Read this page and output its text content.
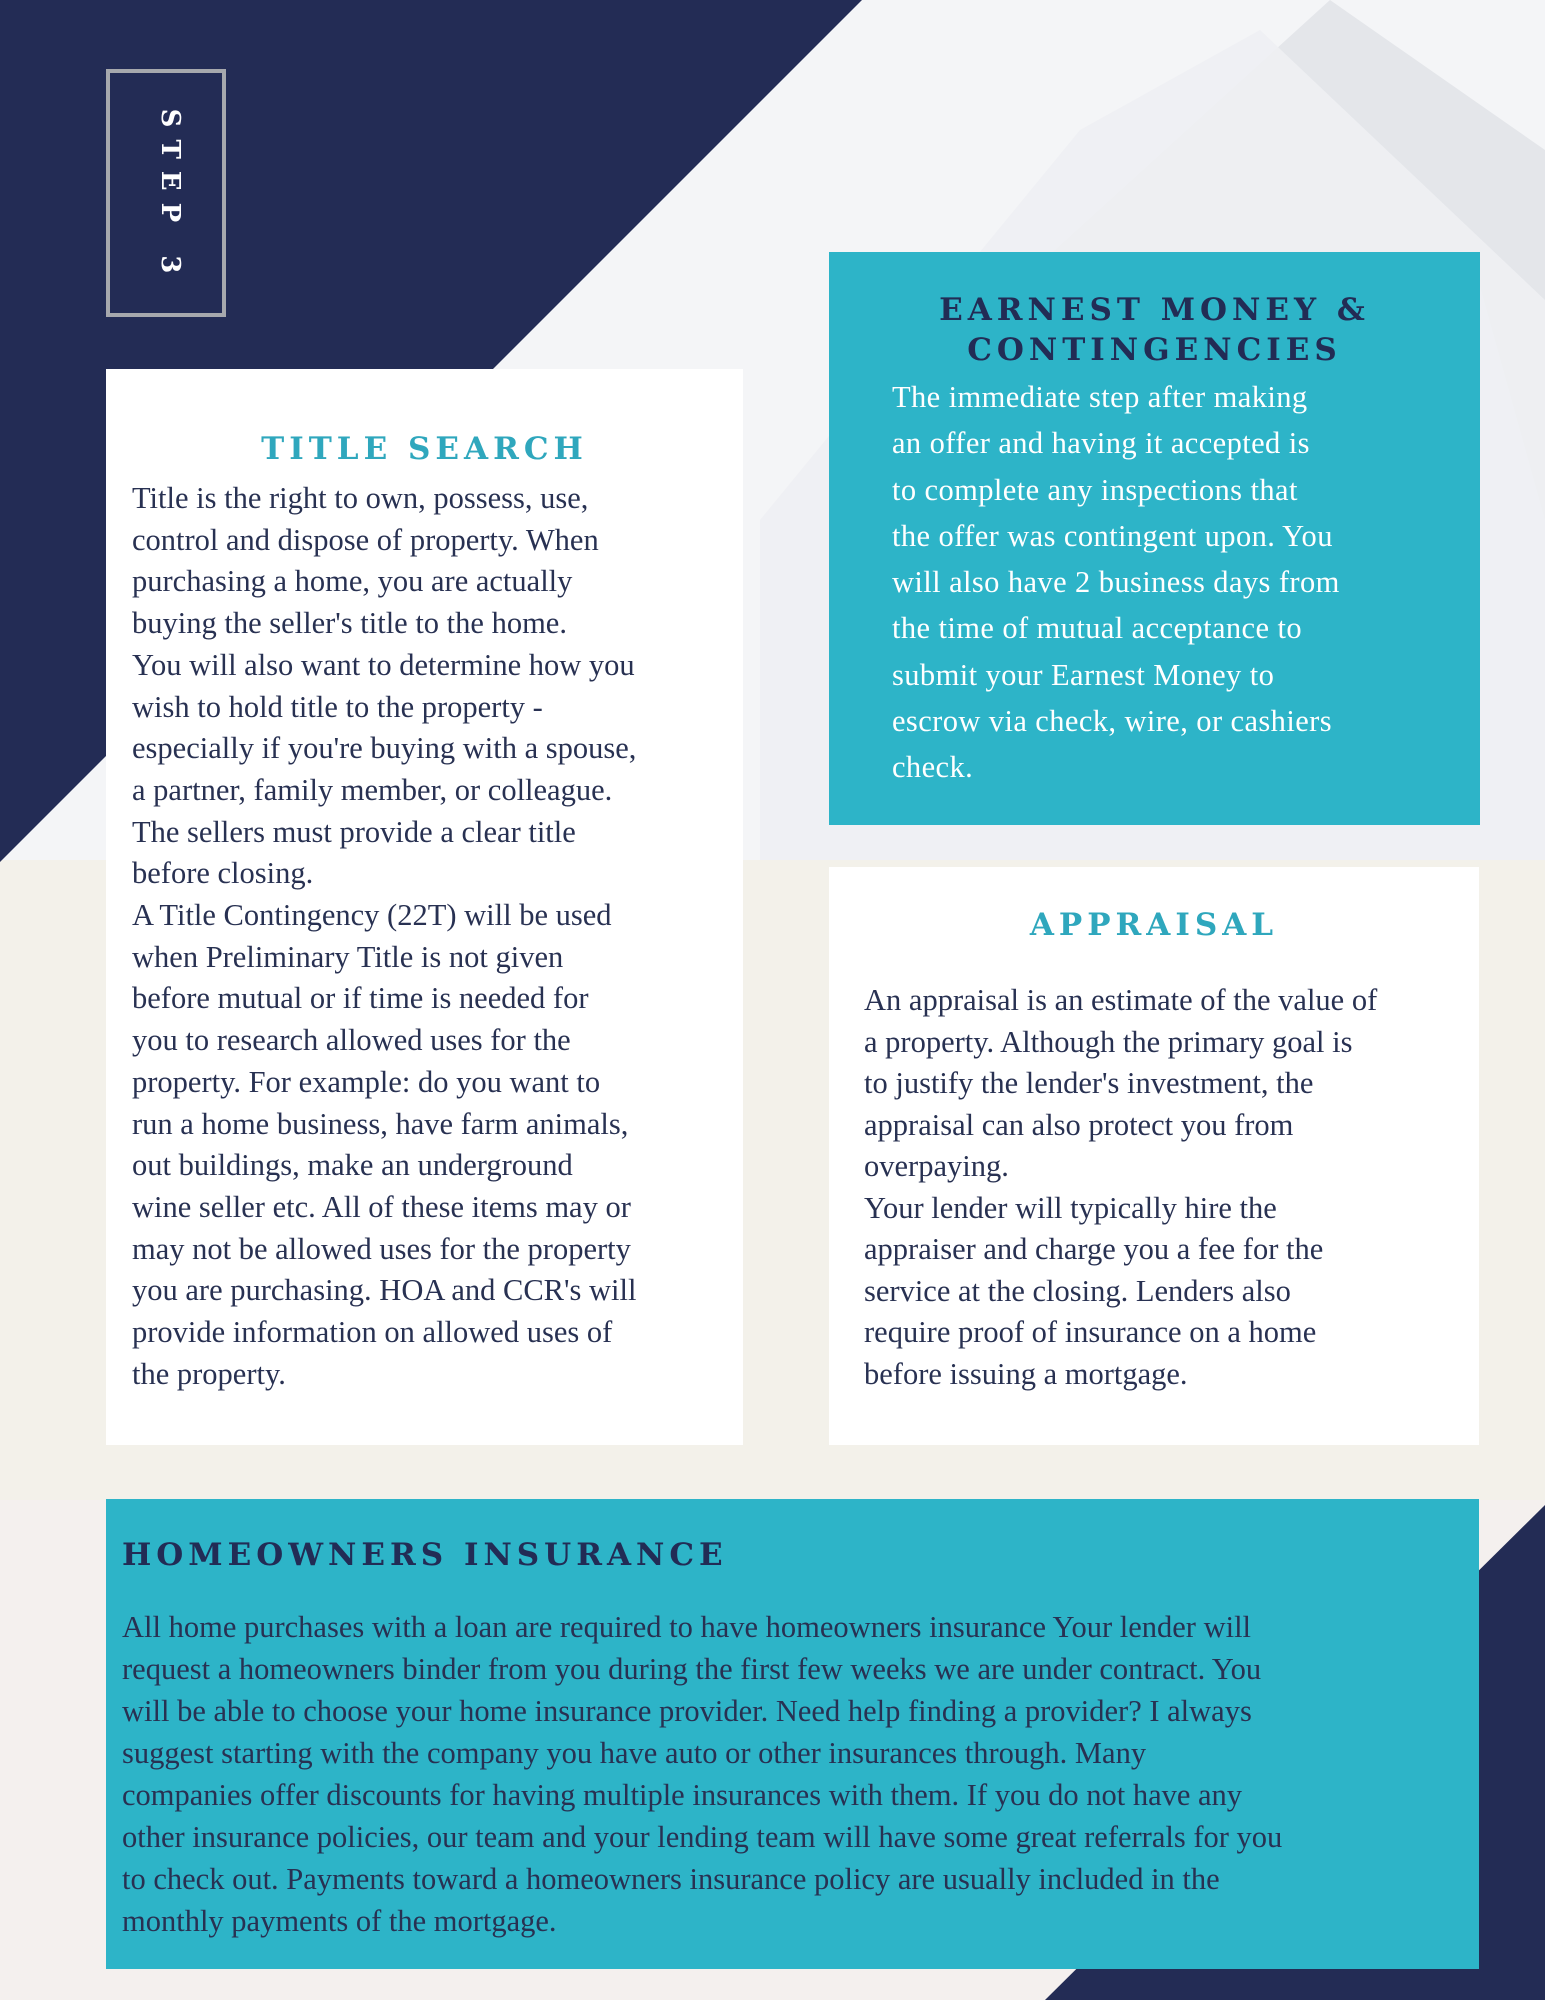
STEP 3
TITLE SEARCH

Title is the right to own, possess, use,
control and dispose of property. When
purchasing a home, you are actually
buying the seller's title to the home.
You will also want to determine how you
wish to hold title to the property -
especially if you're buying with a spouse,
a partner, family member, or colleague.
The sellers must provide a clear title
before closing.
A Title Contingency (22T) will be used
when Preliminary Title is not given
before mutual or if time is needed for
you to research allowed uses for the
property. For example: do you want to
run a home business, have farm animals,
out buildings, make an underground
wine seller etc. All of these items may or
may not be allowed uses for the property
you are purchasing. HOA and CCR's will
provide information on allowed uses of
the property.

EARNEST MONEY &
CONTINGENCIES

The immediate step after making
an offer and having it accepted is
to complete any inspections that
the offer was contingent upon. You
will also have 2 business days from
the time of mutual acceptance to
submit your Earnest Money to
escrow via check, wire, or cashiers
check.

APPRAISAL

An appraisal is an estimate of the value of
a property. Although the primary goal is
to justify the lender's investment, the
appraisal can also protect you from
overpaying.
Your lender will typically hire the
appraiser and charge you a fee for the
service at the closing. Lenders also
require proof of insurance on a home
before issuing a mortgage.

HOMEOWNERS INSURANCE

All home purchases with a loan are required to have homeowners insurance Your lender will
request a homeowners binder from you during the first few weeks we are under contract. You
will be able to choose your home insurance provider. Need help finding a provider? I always
suggest starting with the company you have auto or other insurances through. Many
companies offer discounts for having multiple insurances with them. If you do not have any
other insurance policies, our team and your lending team will have some great referrals for you
to check out. Payments toward a homeowners insurance policy are usually included in the
monthly payments of the mortgage.
